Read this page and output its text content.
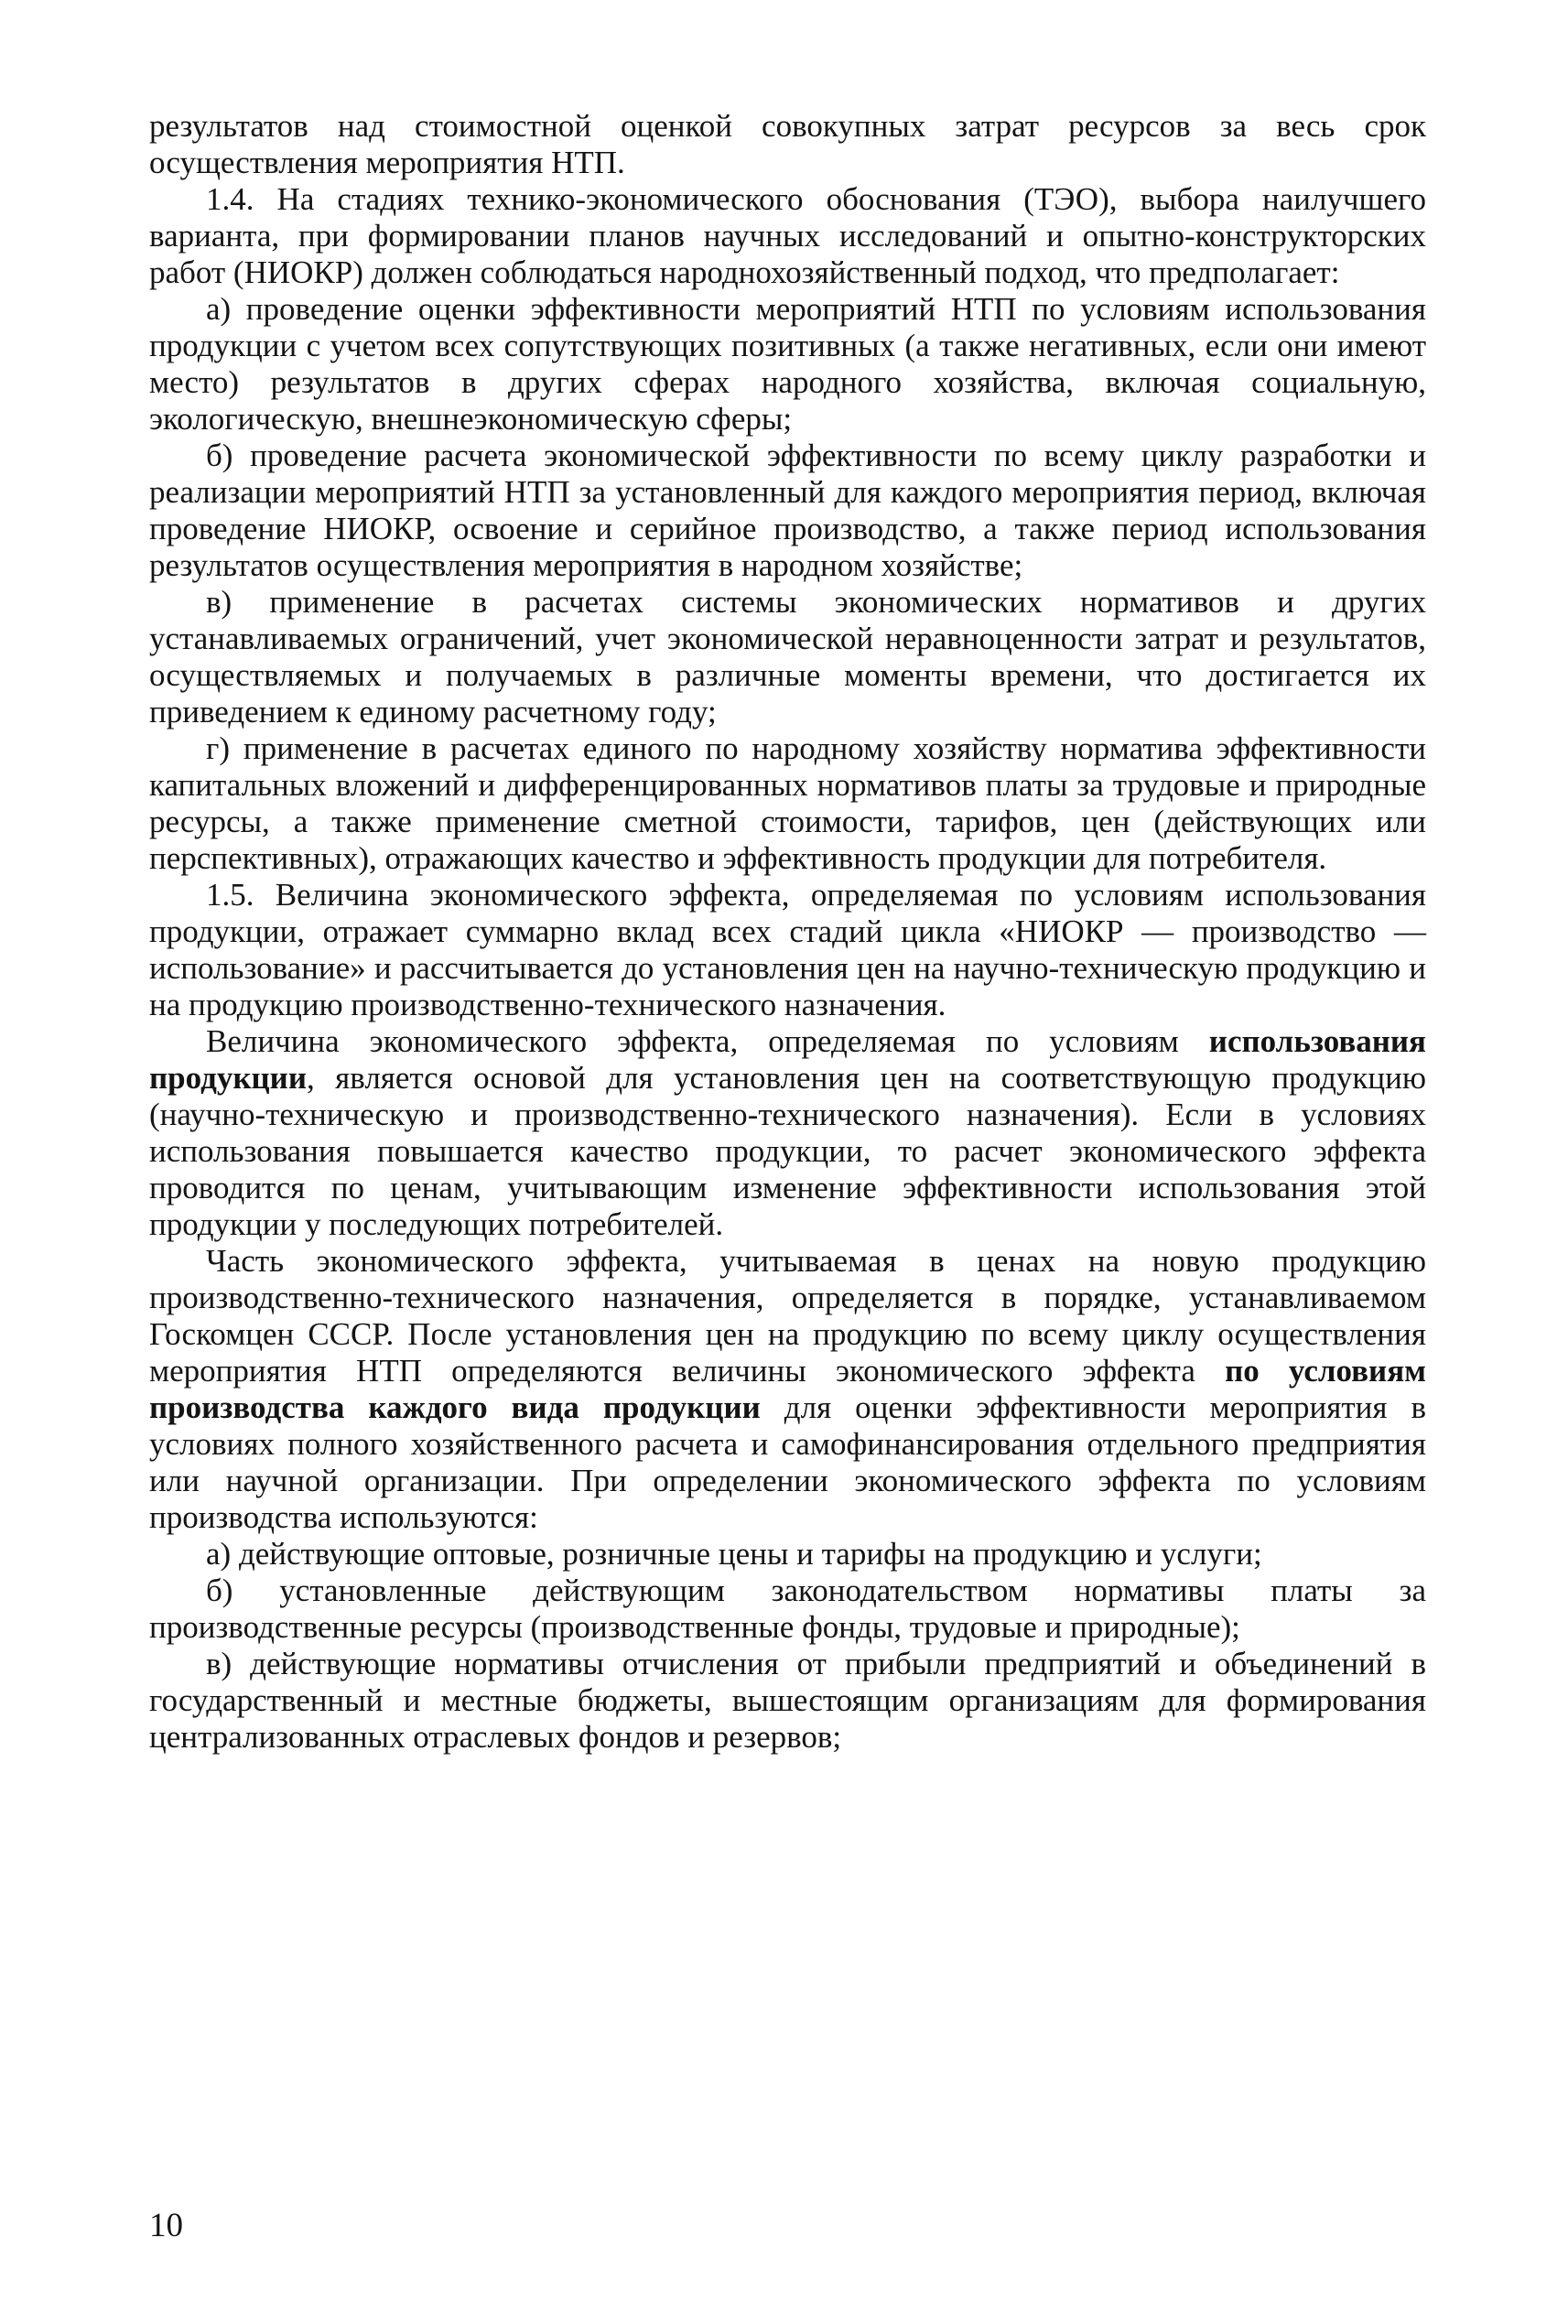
результатов над стоимостной оценкой совокупных затрат ресурсов за весь срок осуществления мероприятия НТП.

1.4. На стадиях технико-экономического обоснования (ТЭО), выбора наилучшего варианта, при формировании планов научных исследований и опытно-конструкторских работ (НИОКР) должен соблюдаться народнохозяйственный подход, что предполагает:

а) проведение оценки эффективности мероприятий НТП по условиям использования продукции с учетом всех сопутствующих позитивных (а также негативных, если они имеют место) результатов в других сферах народного хозяйства, включая социальную, экологическую, внешнеэкономическую сферы;

б) проведение расчета экономической эффективности по всему циклу разработки и реализации мероприятий НТП за установленный для каждого мероприятия период, включая проведение НИОКР, освоение и серийное производство, а также период использования результатов осуществления мероприятия в народном хозяйстве;

в) применение в расчетах системы экономических нормативов и других устанавливаемых ограничений, учет экономической неравноценности затрат и результатов, осуществляемых и получаемых в различные моменты времени, что достигается их приведением к единому расчетному году;

г) применение в расчетах единого по народному хозяйству норматива эффективности капитальных вложений и дифференцированных нормативов платы за трудовые и природные ресурсы, а также применение сметной стоимости, тарифов, цен (действующих или перспективных), отражающих качество и эффективность продукции для потребителя.

1.5. Величина экономического эффекта, определяемая по условиям использования продукции, отражает суммарно вклад всех стадий цикла «НИОКР — производство — использование» и рассчитывается до установления цен на научно-техническую продукцию и на продукцию производственно-технического назначения.

Величина экономического эффекта, определяемая по условиям использования продукции, является основой для установления цен на соответствующую продукцию (научно-техническую и производственно-технического назначения). Если в условиях использования повышается качество продукции, то расчет экономического эффекта проводится по ценам, учитывающим изменение эффективности использования этой продукции у последующих потребителей.

Часть экономического эффекта, учитываемая в ценах на новую продукцию производственно-технического назначения, определяется в порядке, устанавливаемом Госкомцен СССР. После установления цен на продукцию по всему циклу осуществления мероприятия НТП определяются величины экономического эффекта по условиям производства каждого вида продукции для оценки эффективности мероприятия в условиях полного хозяйственного расчета и самофинансирования отдельного предприятия или научной организации. При определении экономического эффекта по условиям производства используются:

а) действующие оптовые, розничные цены и тарифы на продукцию и услуги;

б) установленные действующим законодательством нормативы платы за производственные ресурсы (производственные фонды, трудовые и природные);

в) действующие нормативы отчисления от прибыли предприятий и объединений в государственный и местные бюджеты, вышестоящим организациям для формирования централизованных отраслевых фондов и резервов;

10
